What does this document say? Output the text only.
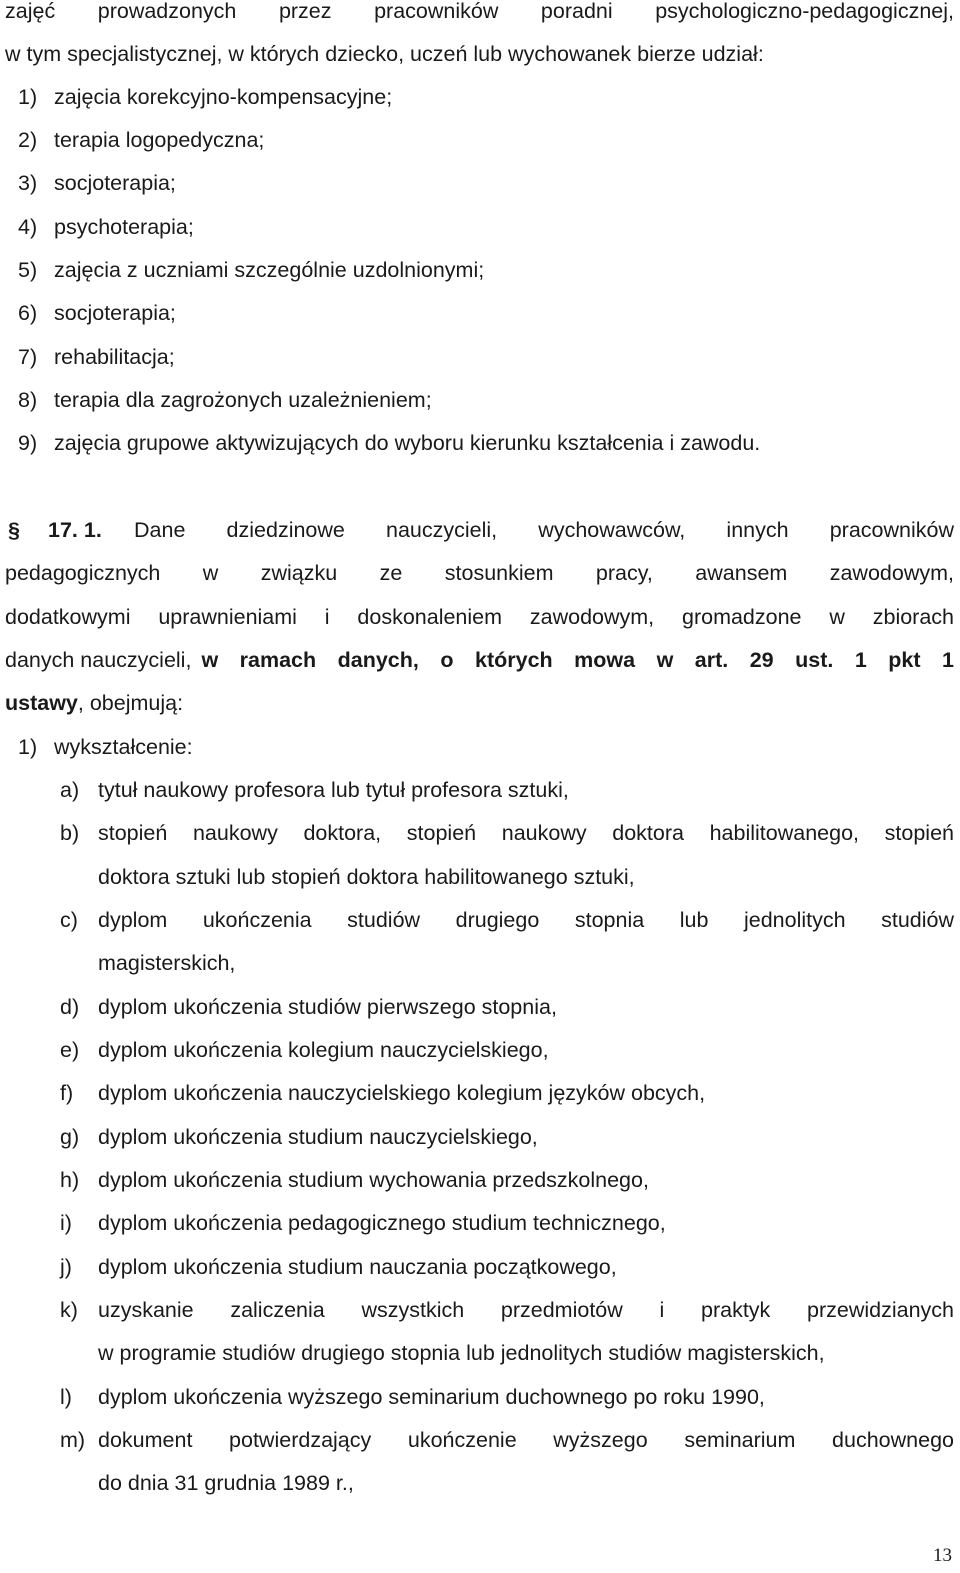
zajęć prowadzonych przez pracowników poradni psychologiczno-pedagogicznej,
w tym specjalistycznej, w których dziecko, uczeń lub wychowanek bierze udział:
1) zajęcia korekcyjno-kompensacyjne;
2) terapia logopedyczna;
3) socjoterapia;
4) psychoterapia;
5) zajęcia z uczniami szczególnie uzdolnionymi;
6) socjoterapia;
7) rehabilitacja;
8) terapia dla zagrożonych uzależnieniem;
9) zajęcia grupowe aktywizujących do wyboru kierunku kształcenia i zawodu.
§ 17. 1. Dane dziedzinowe nauczycieli, wychowawców, innych pracowników
pedagogicznych w związku ze stosunkiem pracy, awansem zawodowym,
dodatkowymi uprawnieniami i doskonaleniem zawodowym, gromadzone w zbiorach
danych nauczycieli, w ramach danych, o których mowa w art. 29 ust. 1 pkt 1
ustawy, obejmują:
1) wykształcenie:
a) tytuł naukowy profesora lub tytuł profesora sztuki,
b) stopień naukowy doktora, stopień naukowy doktora habilitowanego, stopień
doktora sztuki lub stopień doktora habilitowanego sztuki,
c) dyplom ukończenia studiów drugiego stopnia lub jednolitych studiów
magisterskich,
d) dyplom ukończenia studiów pierwszego stopnia,
e) dyplom ukończenia kolegium nauczycielskiego,
f) dyplom ukończenia nauczycielskiego kolegium języków obcych,
g) dyplom ukończenia studium nauczycielskiego,
h) dyplom ukończenia studium wychowania przedszkolnego,
i) dyplom ukończenia pedagogicznego studium technicznego,
j) dyplom ukończenia studium nauczania początkowego,
k) uzyskanie zaliczenia wszystkich przedmiotów i praktyk przewidzianych
w programie studiów drugiego stopnia lub jednolitych studiów magisterskich,
l) dyplom ukończenia wyższego seminarium duchownego po roku 1990,
m) dokument potwierdzający ukończenie wyższego seminarium duchownego
do dnia 31 grudnia 1989 r.,
13
